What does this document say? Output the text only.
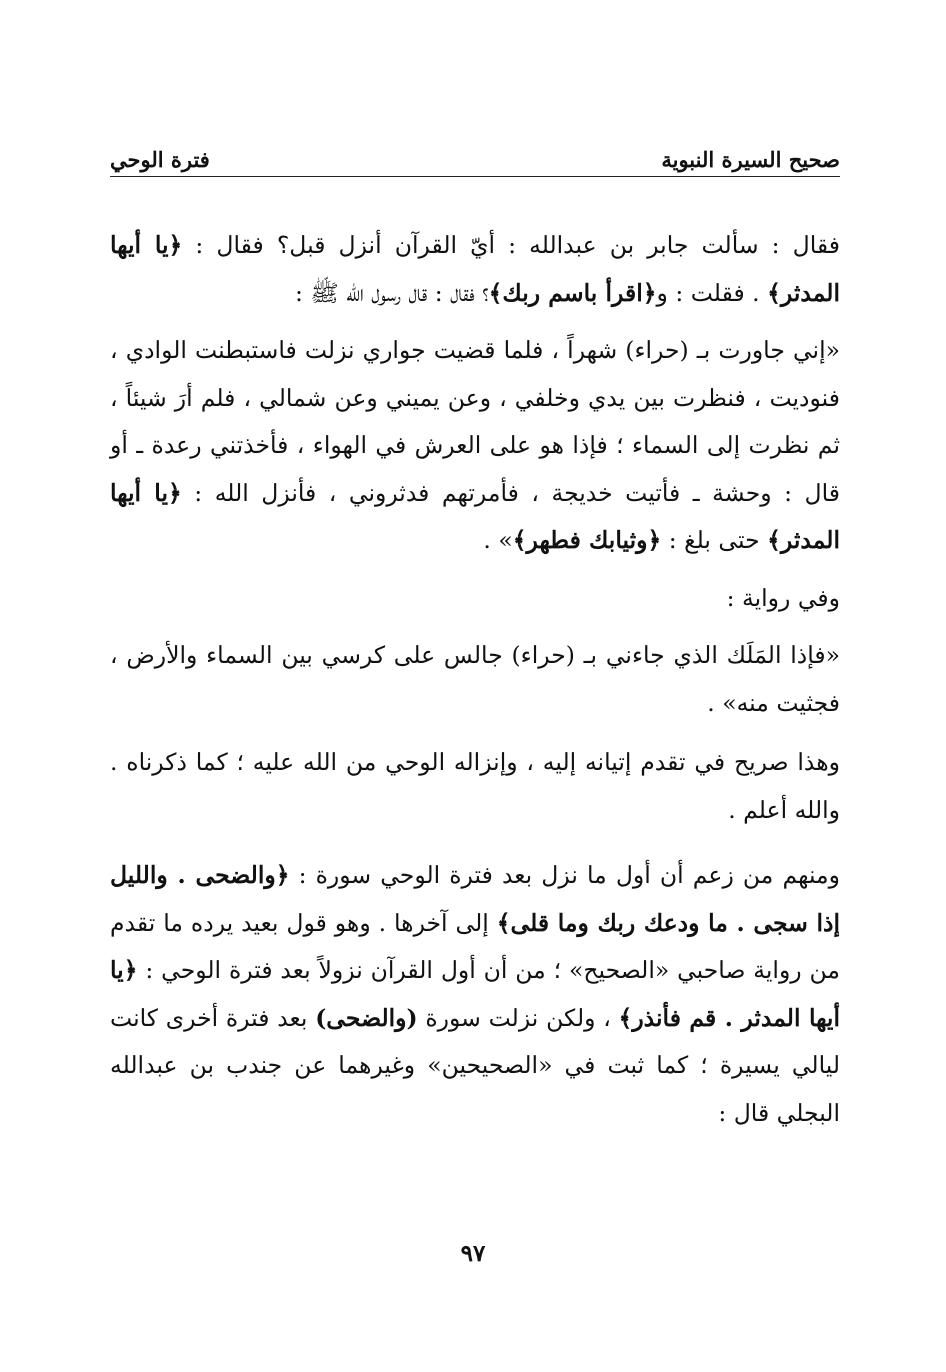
صحيح السيرة النبوية
فترة الوحي

فقال : سألت جابر بن عبدالله : أيّ القرآن أنزل قبل؟ فقال : ﴿يا أيها المدثر﴾ . فقلت : و﴿اقرأ باسم ربك﴾؟ فقال : قال رسول الله ﷺ :

«إني جاورت بـ (حراء) شهراً ، فلما قضيت جواري نزلت فاستبطنت الوادي ، فنوديت ، فنظرت بين يدي وخلفي ، وعن يميني وعن شمالي ، فلم أرَ شيئاً ، ثم نظرت إلى السماء ؛ فإذا هو على العرش في الهواء ، فأخذتني رعدة ـ أو قال : وحشة ـ فأتيت خديجة ، فأمرتهم فدثروني ، فأنزل الله : ﴿يا أيها المدثر﴾ حتى بلغ : ﴿وثيابك فطهر﴾» .

وفي رواية :

«فإذا المَلَك الذي جاءني بـ (حراء) جالس على كرسي بين السماء والأرض ، فجثيت منه» .

وهذا صريح في تقدم إتيانه إليه ، وإنزاله الوحي من الله عليه ؛ كما ذكرناه . والله أعلم .

ومنهم من زعم أن أول ما نزل بعد فترة الوحي سورة : ﴿والضحى . والليل إذا سجى . ما ودعك ربك وما قلى﴾ إلى آخرها . وهو قول بعيد يرده ما تقدم من رواية صاحبي «الصحيح» ؛ من أن أول القرآن نزولاً بعد فترة الوحي : ﴿يا أيها المدثر . قم فأنذر﴾ ، ولكن نزلت سورة (والضحى) بعد فترة أخرى كانت ليالي يسيرة ؛ كما ثبت في «الصحيحين» وغيرهما عن جندب بن عبدالله البجلي قال :

٩٧
